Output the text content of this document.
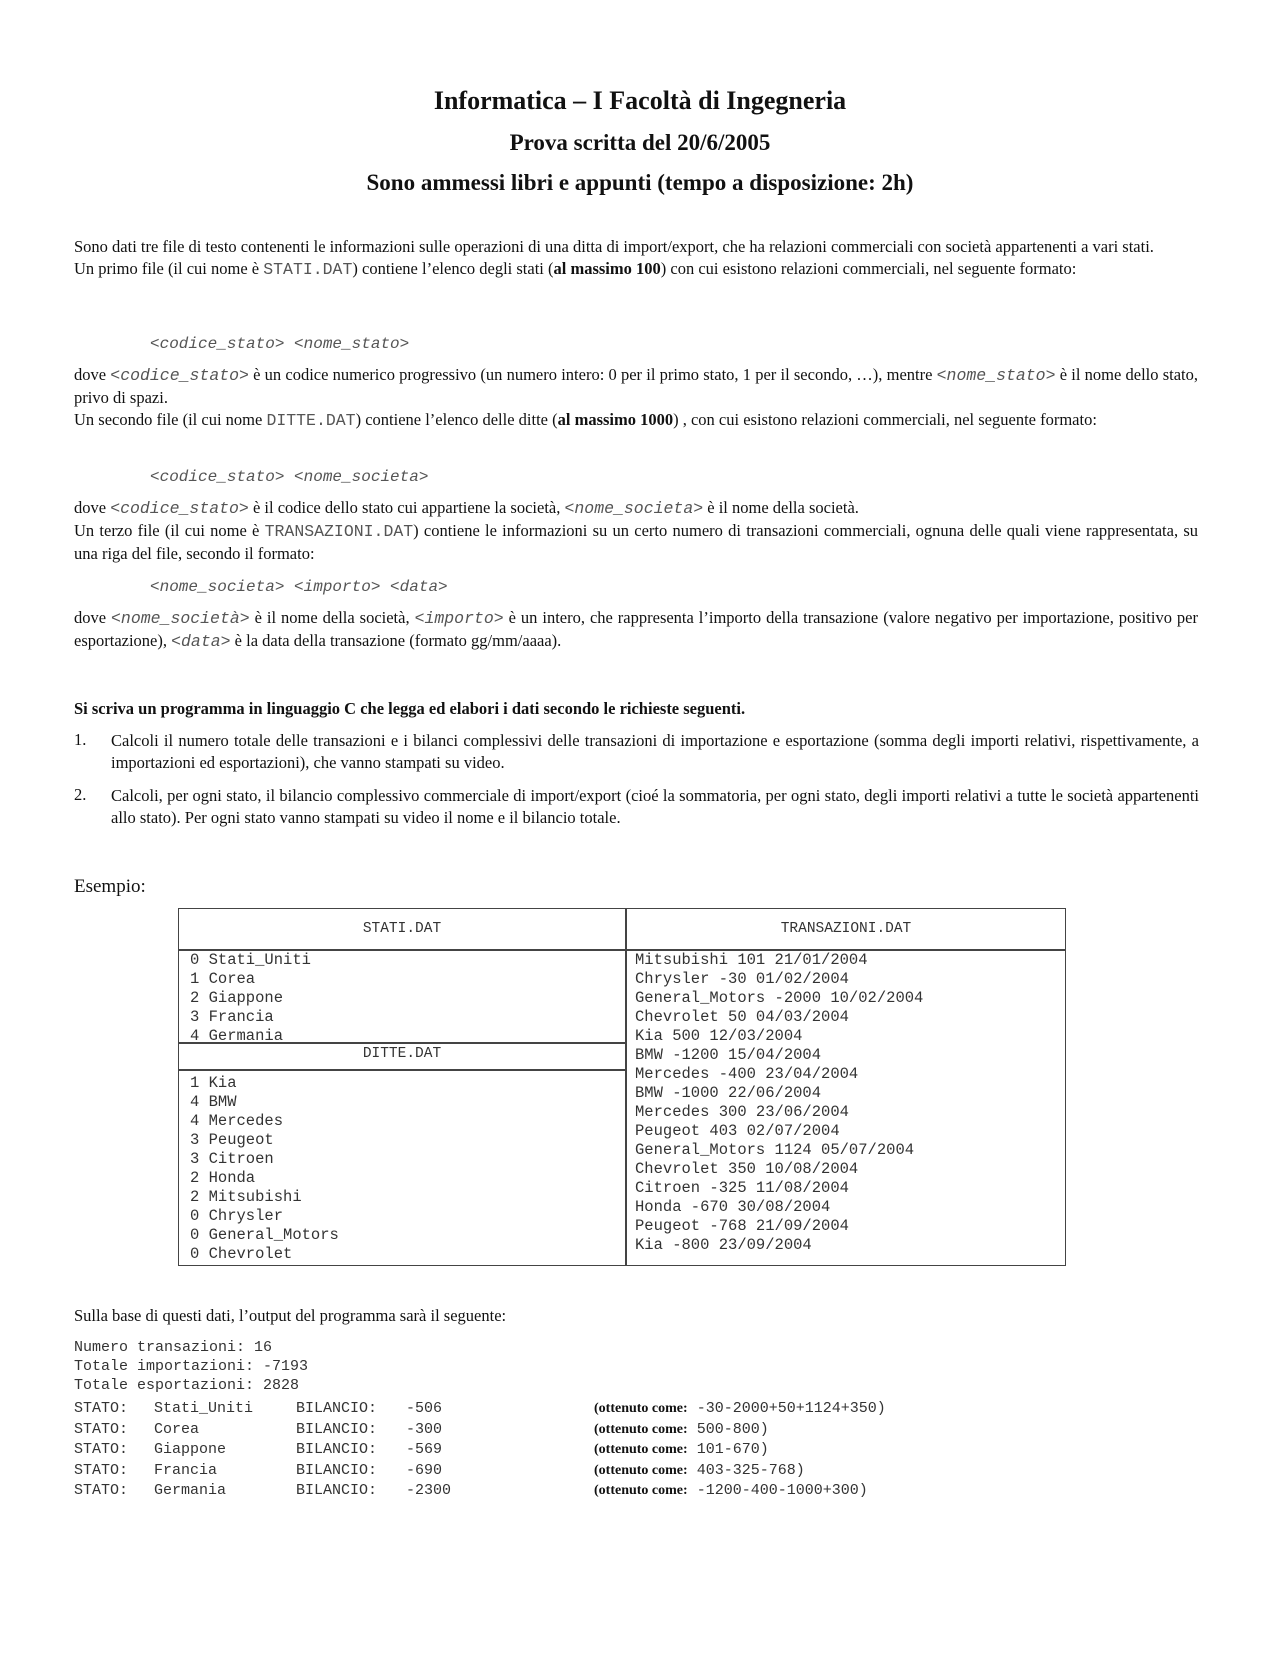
Informatica – I Facoltà di Ingegneria
Prova scritta del 20/6/2005
Sono ammessi libri e appunti (tempo a disposizione: 2h)
Sono dati tre file di testo contenenti le informazioni sulle operazioni di una ditta di import/export, che ha relazioni commerciali con società appartenenti a vari stati.
Un primo file (il cui nome è STATI.DAT) contiene l’elenco degli stati (al massimo 100) con cui esistono relazioni commerciali, nel seguente formato:
<codice_stato> <nome_stato>
dove <codice_stato> è un codice numerico progressivo (un numero intero: 0 per il primo stato, 1 per il secondo, …), mentre <nome_stato> è il nome dello stato, privo di spazi.
Un secondo file (il cui nome DITTE.DAT) contiene l’elenco delle ditte (al massimo 1000) , con cui esistono relazioni commerciali, nel seguente formato:
<codice_stato> <nome_societa>
dove <codice_stato> è il codice dello stato cui appartiene la società, <nome_societa> è il nome della società.
Un terzo file (il cui nome è TRANSAZIONI.DAT) contiene le informazioni su un certo numero di transazioni commerciali, ognuna delle quali viene rappresentata, su una riga del file, secondo il formato:
<nome_societa> <importo> <data>
dove <nome_società> è il nome della società, <importo> è un intero, che rappresenta l’importo della transazione (valore negativo per importazione, positivo per esportazione), <data> è la data della transazione (formato gg/mm/aaaa).
Si scriva un programma in linguaggio C che legga ed elabori i dati secondo le richieste seguenti.
1. Calcoli il numero totale delle transazioni e i bilanci complessivi delle transazioni di importazione e esportazione (somma degli importi relativi, rispettivamente, a importazioni ed esportazioni), che vanno stampati su video.
2. Calcoli, per ogni stato, il bilancio complessivo commerciale di import/export (cioé la sommatoria, per ogni stato, degli importi relativi a tutte le società appartenenti allo stato). Per ogni stato vanno stampati su video il nome e il bilancio totale.
Esempio:
STATI.DAT	TRANSAZIONI.DAT
DITTE.DAT
0 Stati_Uniti
1 Corea
2 Giappone
3 Francia
4 Germania
1 Kia
4 BMW
4 Mercedes
3 Peugeot
3 Citroen
2 Honda
2 Mitsubishi
0 Chrysler
0 General_Motors
0 Chevrolet
Mitsubishi 101 21/01/2004
Chrysler -30 01/02/2004
General_Motors -2000 10/02/2004
Chevrolet 50 04/03/2004
Kia 500 12/03/2004
BMW -1200 15/04/2004
Mercedes -400 23/04/2004
BMW -1000 22/06/2004
Mercedes 300 23/06/2004
Peugeot 403 02/07/2004
General_Motors 1124 05/07/2004
Chevrolet 350 10/08/2004
Citroen -325 11/08/2004
Honda -670 30/08/2004
Peugeot -768 21/09/2004
Kia -800 23/09/2004
Sulla base di questi dati, l’output del programma sarà il seguente:
Numero transazioni: 16
Totale importazioni: -7193
Totale esportazioni: 2828
STATO: Stati_Uniti	BILANCIO: -506	(ottenuto come: -30-2000+50+1124+350)
STATO: Corea	BILANCIO: -300	(ottenuto come: 500-800)
STATO: Giappone	BILANCIO: -569	(ottenuto come: 101-670)
STATO: Francia	BILANCIO: -690	(ottenuto come: 403-325-768)
STATO: Germania	BILANCIO: -2300	(ottenuto come: -1200-400-1000+300)
